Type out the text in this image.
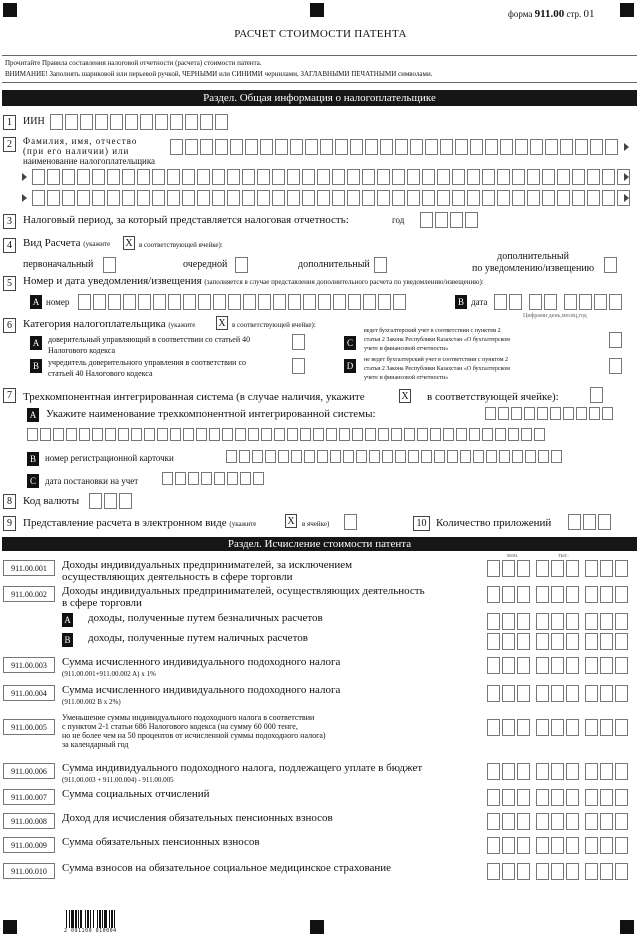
форма 911.00 стр. 01
РАСЧЕТ СТОИМОСТИ ПАТЕНТА
Прочитайте Правила составления налоговой отчетности (расчета) стоимости патента.
ВНИМАНИЕ! Заполнять шариковой или перьевой ручкой, ЧЕРНЫМИ или СИНИМИ чернилами, ЗАГЛАВНЫМИ ПЕЧАТНЫМИ символами.
Раздел. Общая информация о налогоплательщике
1	ИИН
2	Фамилия, имя, отчество
(при его наличии) или
наименование налогоплательщика
3	Налоговый период, за который представляется налоговая отчетность:	год
4	Вид Расчета (укажите X в соответствующей ячейке):
первоначальный	очередной	дополнительный
дополнительный
по уведомлению/извещению
5	Номер и дата уведомления/извещения (заполняется в случае представления дополнительного расчета по уведомлению/извещению):
A номер	B дата
Цифрами день,месяц,год
6	Категория налогоплательщика (укажите X в соответствующей ячейке):
A	доверительный управляющий в соответствии со статьей 40
Налогового кодекса
B	учредитель доверительного управления в соответствии со
статьей 40 Налогового кодекса
C
ведет бухгалтерский учет в соответствии с пунктом 2
статьи 2 Закона Республики Казахстан «О бухгалтерском
учете и финансовой отчетности»
D
не ведет бухгалтерский учет в соответствии с пунктом 2
статьи 2 Закона Республики Казахстан «О бухгалтерском
учете и финансовой отчетности»
7	Трехкомпонентная интегрированная система (в случае наличия, укажите	X в соответствующей ячейке):
A Укажите наименование трехкомпонентной интегрированной системы:
B	номер регистрационной карточки
C	дата постановки на учет
8	Код валюты
9	Представление расчета в электронном виде (укажите	X	в ячейке)	10 Количество приложений
Раздел. Исчисление стоимости патента
млн.	тыс.
911.00.001	Доходы индивидуальных предпринимателей, за исключением
осуществляющих деятельность в сфере торговли
911.00.002	Доходы индивидуальных предпринимателей, осуществляющих деятельность
в сфере торговли
A доходы, полученные путем безналичных расчетов
B доходы, полученные путем наличных расчетов
911.00.003	Сумма исчисленного индивидуального подоходного налога
(911.00.001+911.00.002 A) x 1%
911.00.004	Сумма исчисленного индивидуального подоходного налога
(911.00.002 B x 2%)
911.00.005
Уменьшение суммы индивидуального подоходного налога в соответствии
с пунктом 2-1 статьи 686 Налогового кодекса (на сумму 60 000 тенге,
но не более чем на 50 процентов от исчисленной суммы подоходного налога)
за календарный год
911.00.006	Сумма индивидуального подоходного налога, подлежащего уплате в бюджет
(911.00.003 + 911.00.004) - 911.00.005
911.00.007	Сумма социальных отчислений
911.00.008	Доход для исчисления обязательных пенсионных взносов
911.00.009	Сумма обязательных пенсионных взносов
911.00.010	Сумма взносов на обязательное социальное медицинское страхование
2 091100 010004
